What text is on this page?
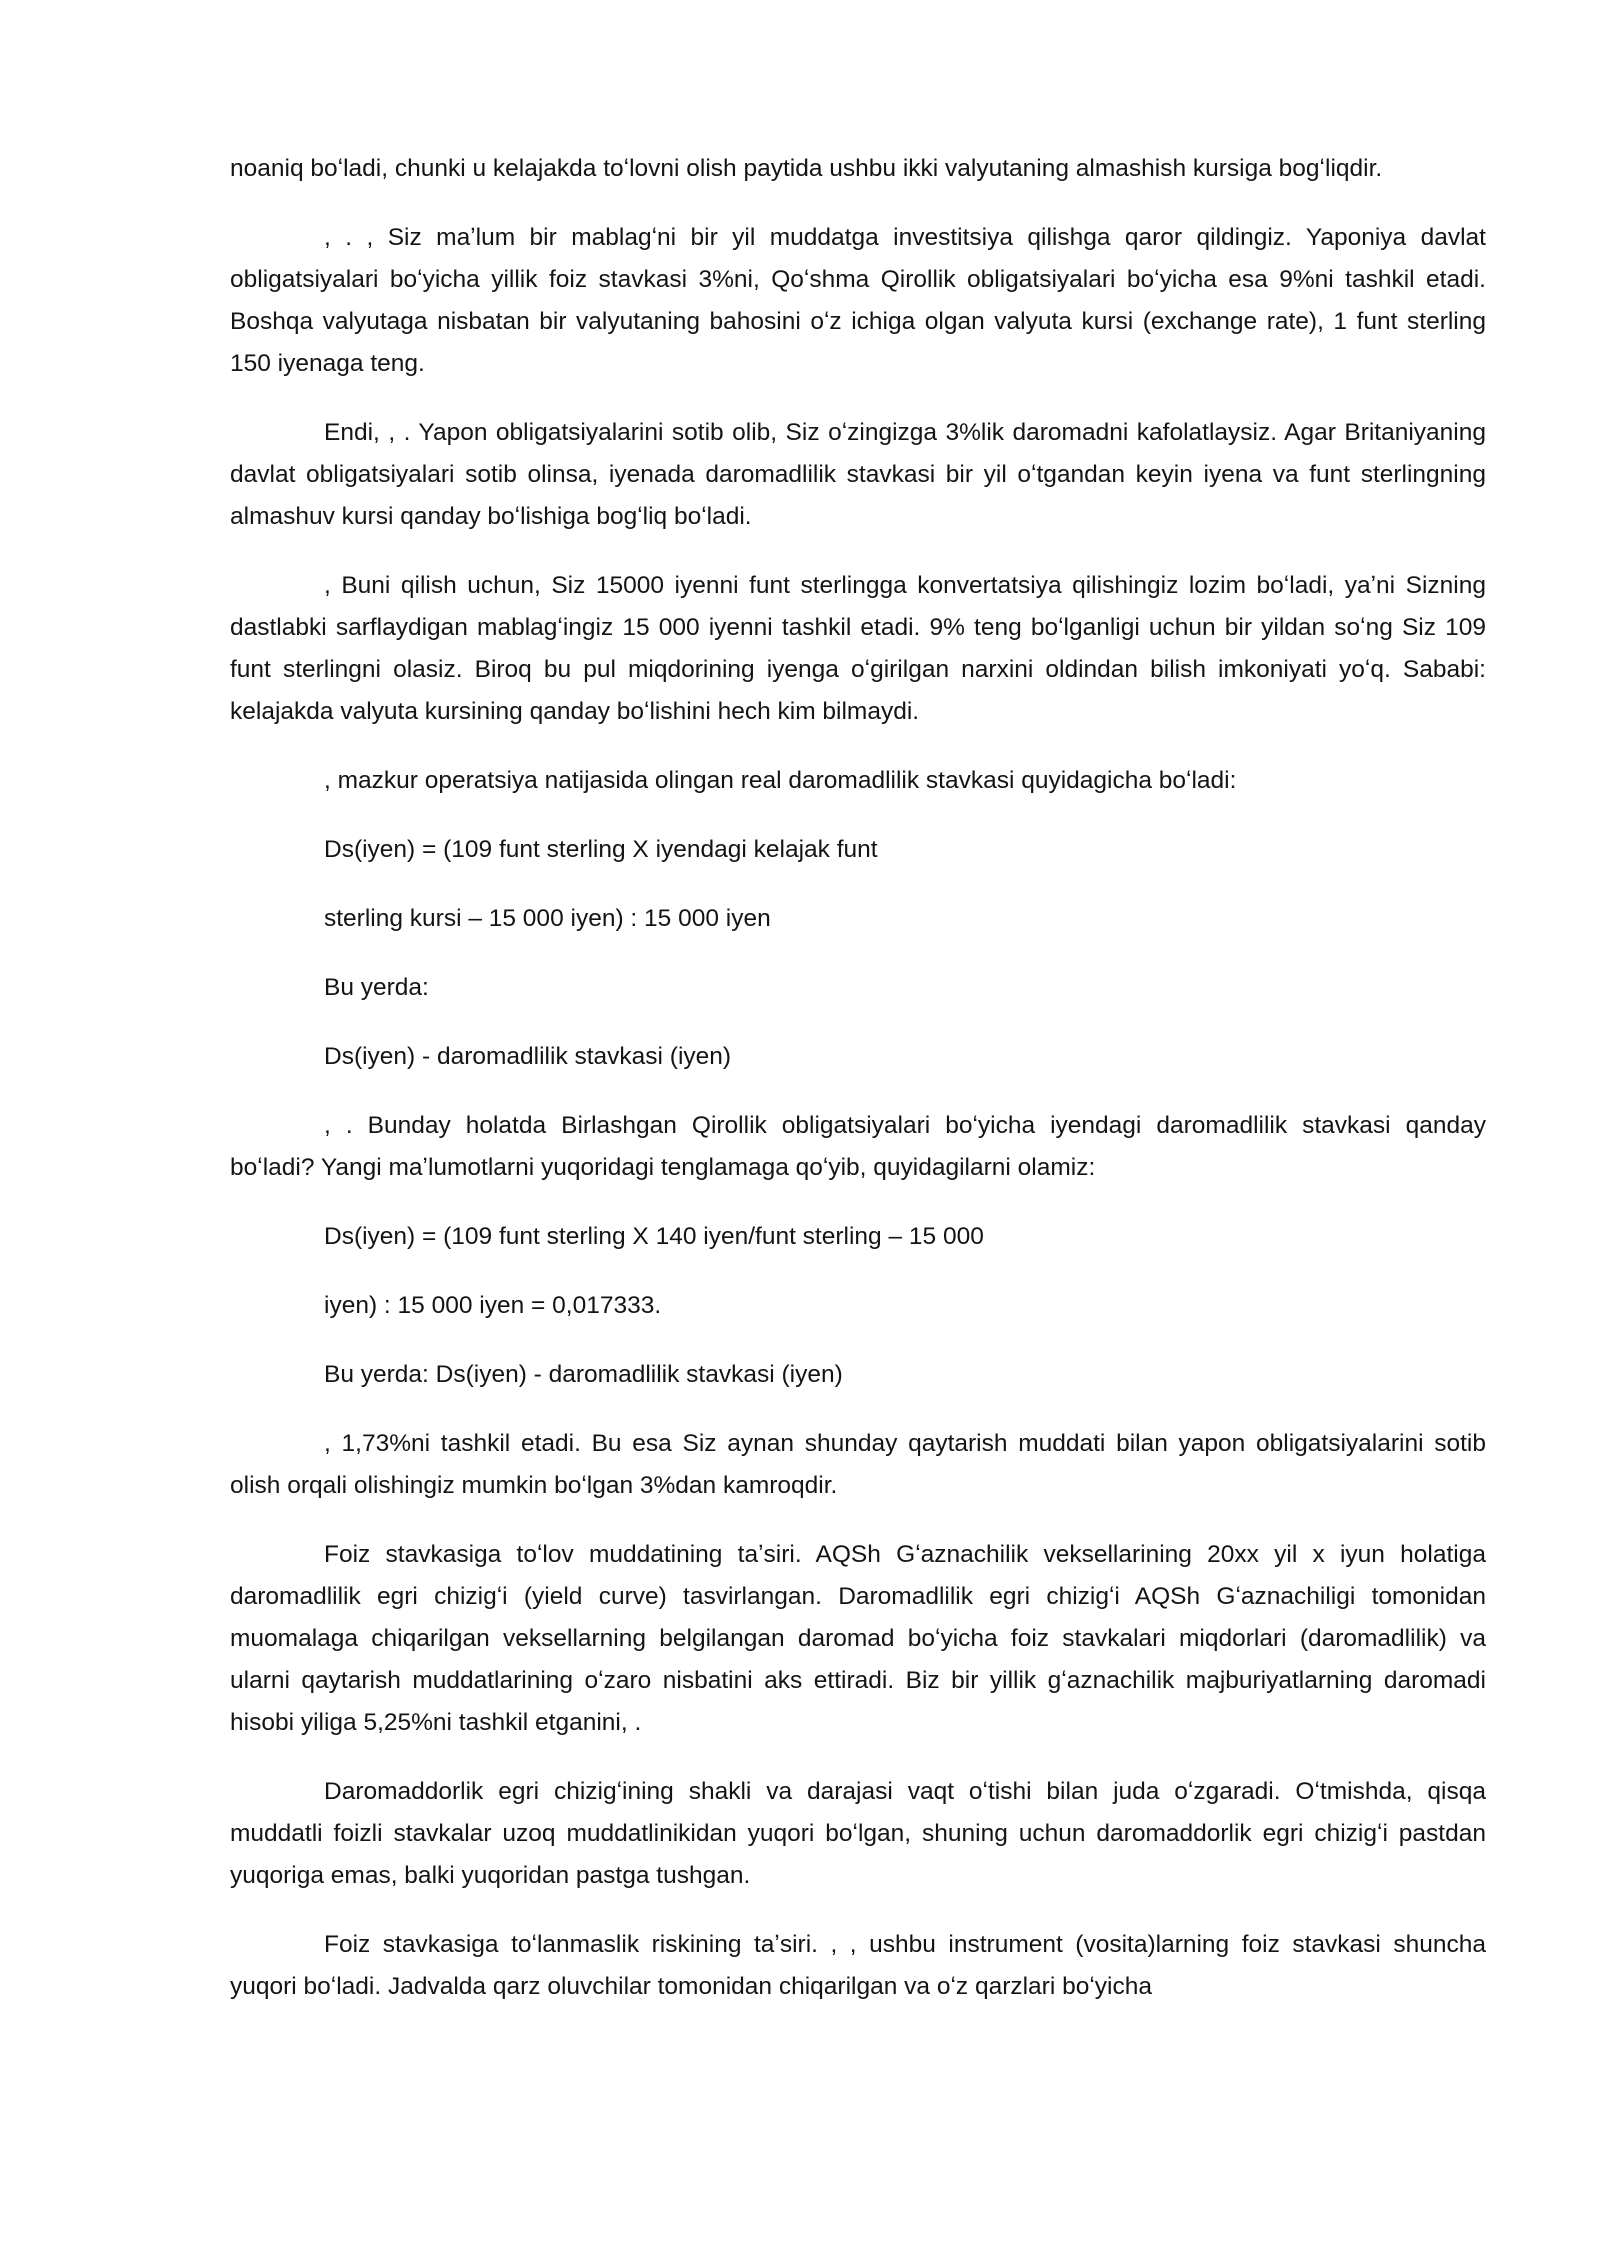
noaniq boʻladi, chunki u kelajakda toʻlovni olish paytida ushbu ikki valyutaning almashish kursiga bogʻliqdir.

, . , Siz maʼlum bir mablagʻni bir yil muddatga investitsiya qilishga qaror qildingiz. Yaponiya davlat obligatsiyalari boʻyicha yillik foiz stavkasi 3%ni, Qoʻshma Qirollik obligatsiyalari boʻyicha esa 9%ni tashkil etadi. Boshqa valyutaga nisbatan bir valyutaning bahosini oʻz ichiga olgan valyuta kursi (exchange rate), 1 funt sterling 150 iyenaga teng.

Endi, , . Yapon obligatsiyalarini sotib olib, Siz oʻzingizga 3%lik daromadni kafolatlaysiz. Agar Britaniyaning davlat obligatsiyalari sotib olinsa, iyenada daromadlilik stavkasi bir yil oʻtgandan keyin iyena va funt sterlingning almashuv kursi qanday boʻlishiga bogʻliq boʻladi.

, Buni qilish uchun, Siz 15000 iyenni funt sterlingga konvertatsiya qilishingiz lozim boʻladi, yaʼni Sizning dastlabki sarflaydigan mablagʻingiz 15 000 iyenni tashkil etadi. 9% teng boʻlganligi uchun bir yildan soʻng Siz 109 funt sterlingni olasiz. Biroq bu pul miqdorining iyenga oʻgirilgan narxini oldindan bilish imkoniyati yoʻq. Sababi: kelajakda valyuta kursining qanday boʻlishini hech kim bilmaydi.

, mazkur operatsiya natijasida olingan real daromadlilik stavkasi quyidagicha boʻladi:

Ds(iyen) = (109 funt sterling X iyendagi kelajak funt

sterling kursi – 15 000 iyen) : 15 000 iyen

Bu yerda:

Ds(iyen) - daromadlilik stavkasi (iyen)

, . Bunday holatda Birlashgan Qirollik obligatsiyalari boʻyicha iyendagi daromadlilik stavkasi qanday boʻladi? Yangi maʼlumotlarni yuqoridagi tenglamaga qoʻyib, quyidagilarni olamiz:

Ds(iyen) = (109 funt sterling X 140 iyen/funt sterling – 15 000

iyen) : 15 000 iyen = 0,017333.

Bu yerda: Ds(iyen) - daromadlilik stavkasi (iyen)

, 1,73%ni tashkil etadi. Bu esa Siz aynan shunday qaytarish muddati bilan yapon obligatsiyalarini sotib olish orqali olishingiz mumkin boʻlgan 3%dan kamroqdir.

Foiz stavkasiga toʻlov muddatining taʼsiri. AQSh Gʻaznachilik veksellarining 20xx yil x iyun holatiga daromadlilik egri chizigʻi (yield curve) tasvirlangan. Daromadlilik egri chizigʻi AQSh Gʻaznachiligi tomonidan muomalaga chiqarilgan veksellarning belgilangan daromad boʻyicha foiz stavkalari miqdorlari (daromadlilik) va ularni qaytarish muddatlarining oʻzaro nisbatini aks ettiradi. Biz bir yillik gʻaznachilik majburiyatlarning daromadi hisobi yiliga 5,25%ni tashkil etganini, .

Daromaddorlik egri chizigʻining shakli va darajasi vaqt oʻtishi bilan juda oʻzgaradi. Oʻtmishda, qisqa muddatli foizli stavkalar uzoq muddatlinikidan yuqori boʻlgan, shuning uchun daromaddorlik egri chizigʻi pastdan yuqoriga emas, balki yuqoridan pastga tushgan.

Foiz stavkasiga toʻlanmaslik riskining taʼsiri. , , ushbu instrument (vosita)larning foiz stavkasi shuncha yuqori boʻladi. Jadvalda qarz oluvchilar tomonidan chiqarilgan va oʻz qarzlari boʻyicha
